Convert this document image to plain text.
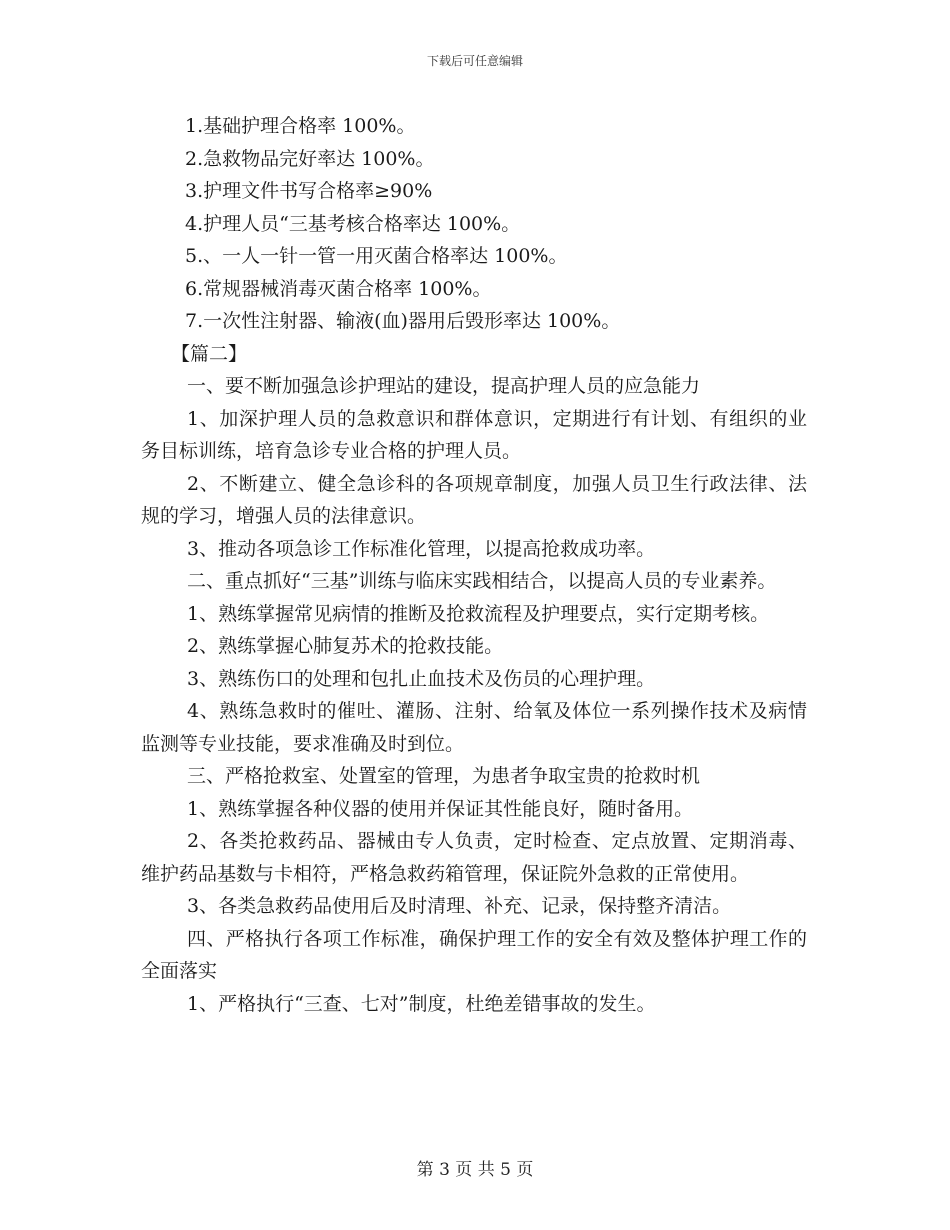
下载后可任意编辑
1.基础护理合格率 100%。
2.急救物品完好率达 100%。
3.护理文件书写合格率≥90%
4.护理人员“三基考核合格率达 100%。
5.、一人一针一管一用灭菌合格率达 100%。
6.常规器械消毒灭菌合格率 100%。
7.一次性注射器、输液(血)器用后毁形率达 100%。
【篇二】
一、要不断加强急诊护理站的建设，提高护理人员的应急能力
1、加深护理人员的急救意识和群体意识，定期进行有计划、有组织的业务目标训练，培育急诊专业合格的护理人员。
2、不断建立、健全急诊科的各项规章制度，加强人员卫生行政法律、法规的学习，增强人员的法律意识。
3、推动各项急诊工作标准化管理，以提高抢救成功率。
二、重点抓好“三基”训练与临床实践相结合，以提高人员的专业素养。
1、熟练掌握常见病情的推断及抢救流程及护理要点，实行定期考核。
2、熟练掌握心肺复苏术的抢救技能。
3、熟练伤口的处理和包扎止血技术及伤员的心理护理。
4、熟练急救时的催吐、灌肠、注射、给氧及体位一系列操作技术及病情监测等专业技能，要求准确及时到位。
三、严格抢救室、处置室的管理，为患者争取宝贵的抢救时机
1、熟练掌握各种仪器的使用并保证其性能良好，随时备用。
2、各类抢救药品、器械由专人负责，定时检查、定点放置、定期消毒、维护药品基数与卡相符，严格急救药箱管理，保证院外急救的正常使用。
3、各类急救药品使用后及时清理、补充、记录，保持整齐清洁。
四、严格执行各项工作标准，确保护理工作的安全有效及整体护理工作的全面落实
1、严格执行“三查、七对”制度，杜绝差错事故的发生。
第 3 页 共 5 页
